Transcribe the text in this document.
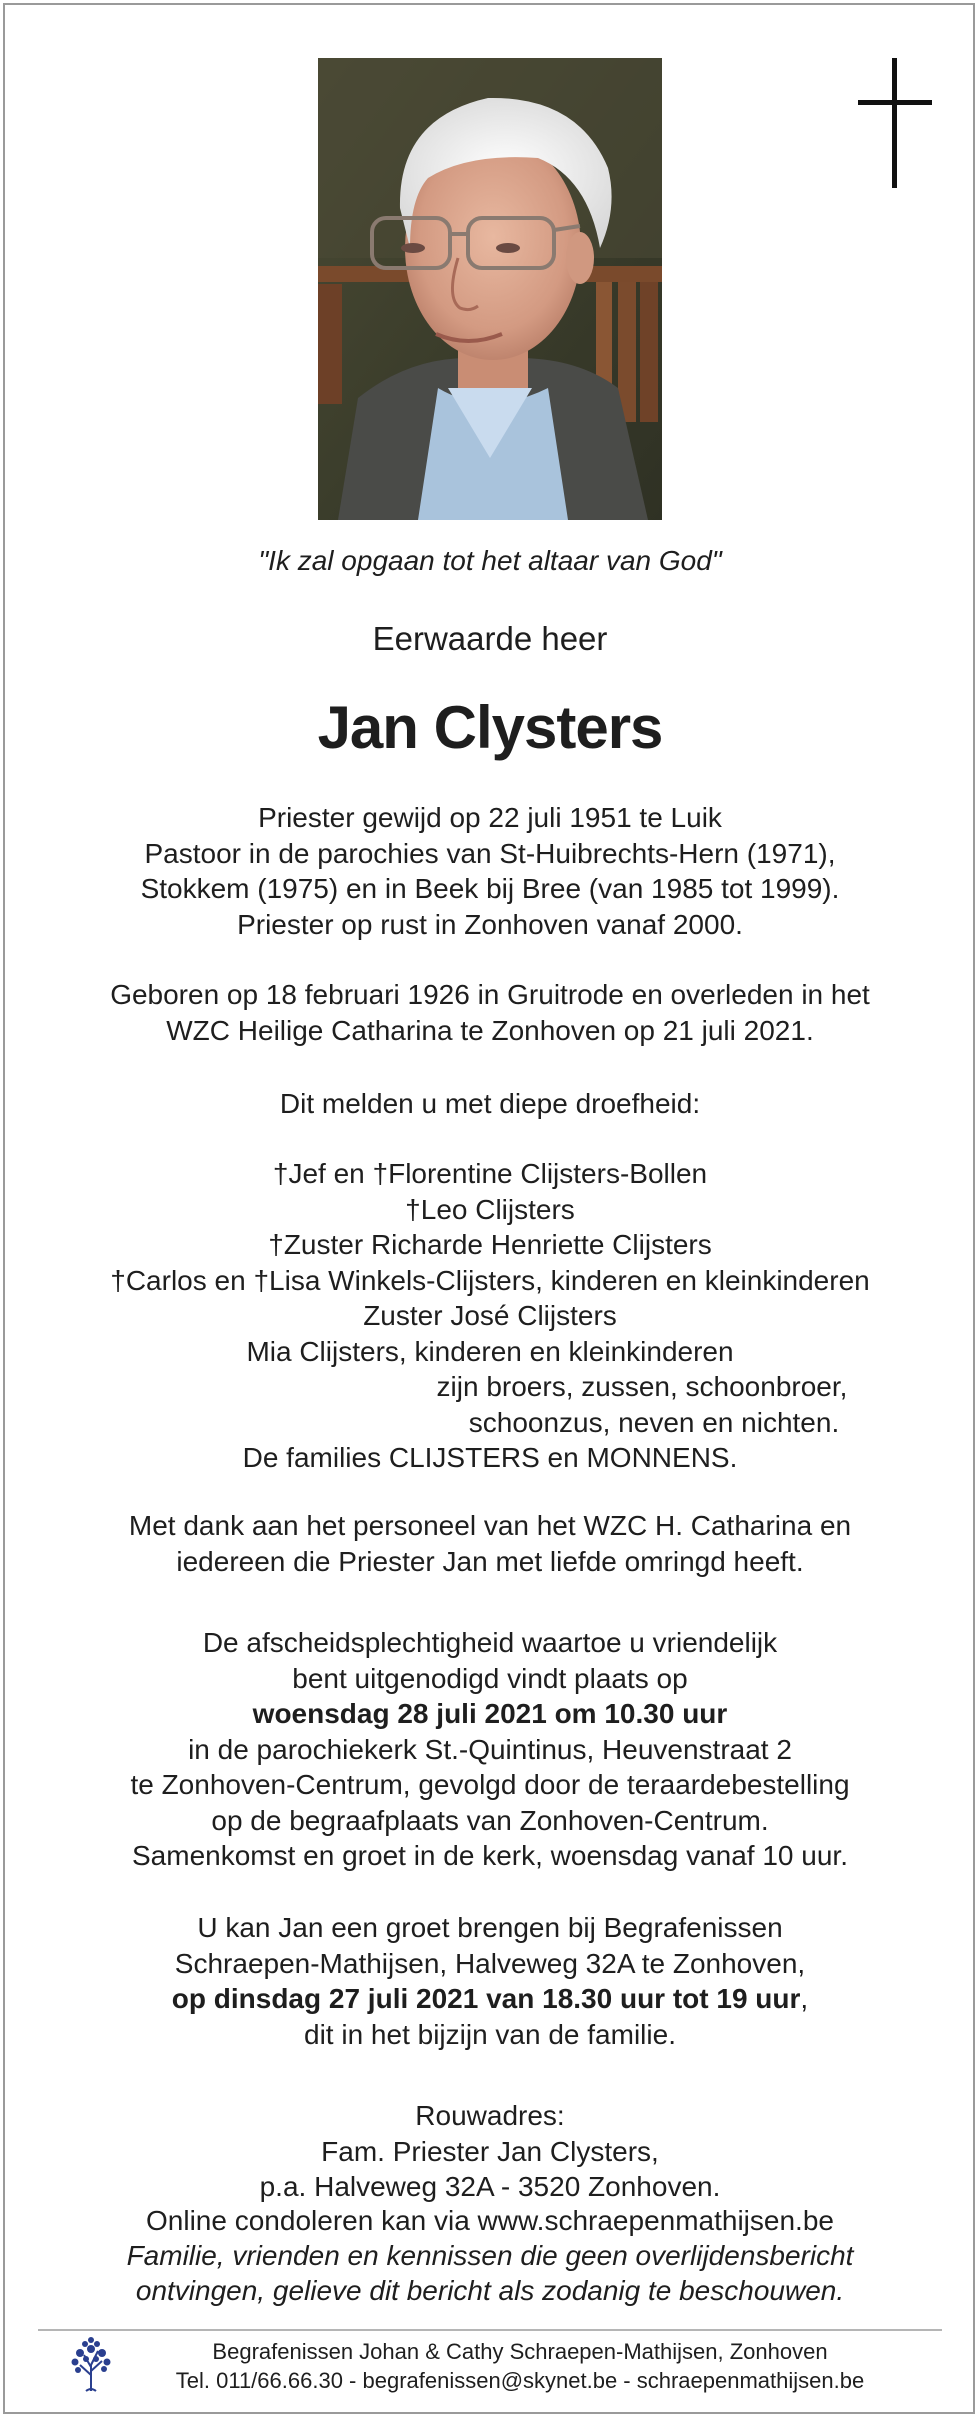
"Ik zal opgaan tot het altaar van God"
Eerwaarde heer
Jan Clysters

Priester gewijd op 22 juli 1951 te Luik

Pastoor in de parochies van St-Huibrechts-Hern (1971),

Stokkem (1975) en in Beek bij Bree (van 1985 tot 1999).

Priester op rust in Zonhoven vanaf 2000.

Geboren op 18 februari 1926 in Gruitrode en overleden in het

WZC Heilige Catharina te Zonhoven op 21 juli 2021.

Dit melden u met diepe droefheid:

†Jef en †Florentine Clijsters-Bollen

†Leo Clijsters

†Zuster Richarde Henriette Clijsters

†Carlos en †Lisa Winkels-Clijsters, kinderen en kleinkinderen

Zuster José Clijsters

Mia Clijsters, kinderen en kleinkinderen

zijn broers, zussen, schoonbroer,

schoonzus, neven en nichten.

De families CLIJSTERS en MONNENS.

Met dank aan het personeel van het WZC H. Catharina en

iedereen die Priester Jan met liefde omringd heeft.

De afscheidsplechtigheid waartoe u vriendelijk

bent uitgenodigd vindt plaats op

woensdag 28 juli 2021 om 10.30 uur

in de parochiekerk St.-Quintinus, Heuvenstraat 2

te Zonhoven-Centrum, gevolgd door de teraardebestelling

op de begraafplaats van Zonhoven-Centrum.

Samenkomst en groet in de kerk, woensdag vanaf 10 uur.

U kan Jan een groet brengen bij Begrafenissen

Schraepen-Mathijsen, Halveweg 32A te Zonhoven,

op dinsdag 27 juli 2021 van 18.30 uur tot 19 uur,

dit in het bijzijn van de familie.

Rouwadres:

Fam. Priester Jan Clysters,

p.a. Halveweg 32A - 3520 Zonhoven.

Online condoleren kan via www.schraepenmathijsen.be

Familie, vrienden en kennissen die geen overlijdensbericht

ontvingen, gelieve dit bericht als zodanig te beschouwen.

Begrafenissen Johan & Cathy Schraepen-Mathijsen, Zonhoven

Tel. 011/66.66.30 - begrafenissen@skynet.be - schraepenmathijsen.be
